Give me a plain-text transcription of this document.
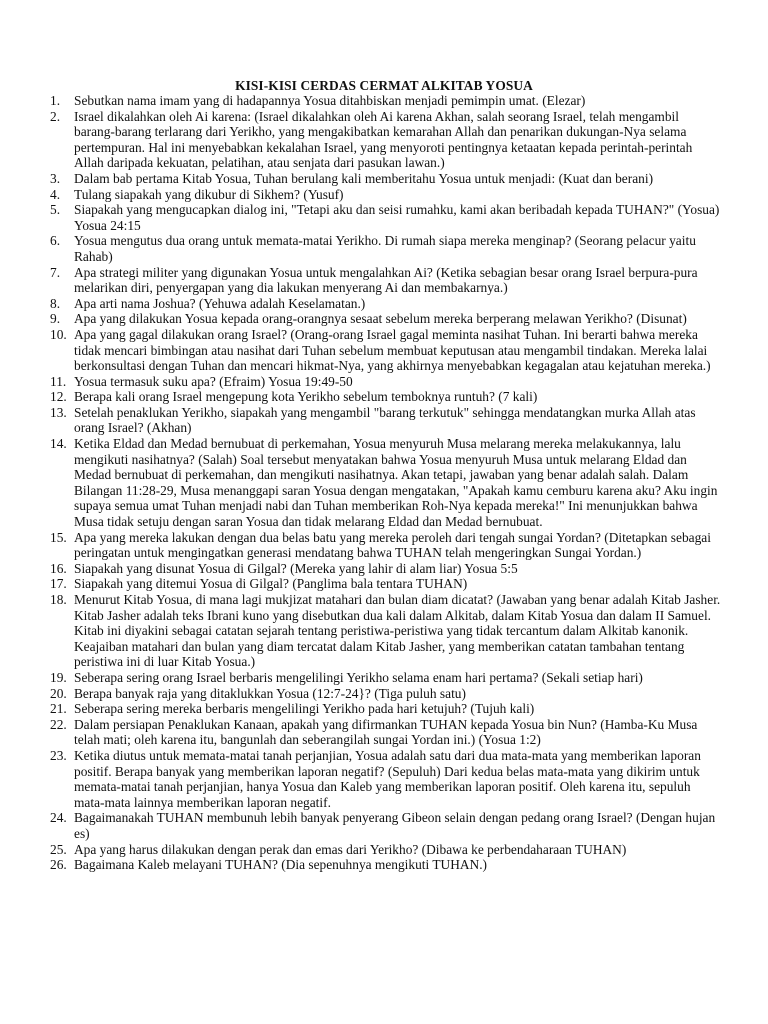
KISI-KISI CERDAS CERMAT ALKITAB YOSUA
1.	Sebutkan nama imam yang di hadapannya Yosua ditahbiskan menjadi pemimpin umat. (Elezar)
2.	Israel dikalahkan oleh Ai karena: (Israel dikalahkan oleh Ai karena Akhan, salah seorang Israel, telah mengambil barang-barang terlarang dari Yerikho, yang mengakibatkan kemarahan Allah dan penarikan dukungan-Nya selama pertempuran. Hal ini menyebabkan kekalahan Israel, yang menyoroti pentingnya ketaatan kepada perintah-perintah Allah daripada kekuatan, pelatihan, atau senjata dari pasukan lawan.)
3.	Dalam bab pertama Kitab Yosua, Tuhan berulang kali memberitahu Yosua untuk menjadi: (Kuat dan berani)
4.	Tulang siapakah yang dikubur di Sikhem? (Yusuf)
5.	Siapakah yang mengucapkan dialog ini, "Tetapi aku dan seisi rumahku, kami akan beribadah kepada TUHAN?" (Yosua) Yosua 24:15
6.	Yosua mengutus dua orang untuk memata-matai Yerikho. Di rumah siapa mereka menginap? (Seorang pelacur yaitu Rahab)
7.	Apa strategi militer yang digunakan Yosua untuk mengalahkan Ai? (Ketika sebagian besar orang Israel berpura-pura melarikan diri, penyergapan yang dia lakukan menyerang Ai dan membakarnya.)
8.	Apa arti nama Joshua? (Yehuwa adalah Keselamatan.)
9.	Apa yang dilakukan Yosua kepada orang-orangnya sesaat sebelum mereka berperang melawan Yerikho? (Disunat)
10. Apa yang gagal dilakukan orang Israel? (Orang-orang Israel gagal meminta nasihat Tuhan. Ini berarti bahwa mereka tidak mencari bimbingan atau nasihat dari Tuhan sebelum membuat keputusan atau mengambil tindakan. Mereka lalai berkonsultasi dengan Tuhan dan mencari hikmat-Nya, yang akhirnya menyebabkan kegagalan atau kejatuhan mereka.)
11. Yosua termasuk suku apa? (Efraim) Yosua 19:49-50
12. Berapa kali orang Israel mengepung kota Yerikho sebelum temboknya runtuh? (7 kali)
13. Setelah penaklukan Yerikho, siapakah yang mengambil "barang terkutuk" sehingga mendatangkan murka Allah atas orang Israel? (Akhan)
14. Ketika Eldad dan Medad bernubuat di perkemahan, Yosua menyuruh Musa melarang mereka melakukannya, lalu mengikuti nasihatnya? (Salah) Soal tersebut menyatakan bahwa Yosua menyuruh Musa untuk melarang Eldad dan Medad bernubuat di perkemahan, dan mengikuti nasihatnya. Akan tetapi, jawaban yang benar adalah salah. Dalam Bilangan 11:28-29, Musa menanggapi saran Yosua dengan mengatakan, "Apakah kamu cemburu karena aku? Aku ingin supaya semua umat Tuhan menjadi nabi dan Tuhan memberikan Roh-Nya kepada mereka!" Ini menunjukkan bahwa Musa tidak setuju dengan saran Yosua dan tidak melarang Eldad dan Medad bernubuat.
15. Apa yang mereka lakukan dengan dua belas batu yang mereka peroleh dari tengah sungai Yordan? (Ditetapkan sebagai peringatan untuk mengingatkan generasi mendatang bahwa TUHAN telah mengeringkan Sungai Yordan.)
16. Siapakah yang disunat Yosua di Gilgal? (Mereka yang lahir di alam liar) Yosua 5:5
17. Siapakah yang ditemui Yosua di Gilgal? (Panglima bala tentara TUHAN)
18. Menurut Kitab Yosua, di mana lagi mukjizat matahari dan bulan diam dicatat? (Jawaban yang benar adalah Kitab Jasher. Kitab Jasher adalah teks Ibrani kuno yang disebutkan dua kali dalam Alkitab, dalam Kitab Yosua dan dalam II Samuel. Kitab ini diyakini sebagai catatan sejarah tentang peristiwa-peristiwa yang tidak tercantum dalam Alkitab kanonik. Keajaiban matahari dan bulan yang diam tercatat dalam Kitab Jasher, yang memberikan catatan tambahan tentang peristiwa ini di luar Kitab Yosua.)
19. Seberapa sering orang Israel berbaris mengelilingi Yerikho selama enam hari pertama? (Sekali setiap hari)
20. Berapa banyak raja yang ditaklukkan Yosua (12:7-24}? (Tiga puluh satu)
21. Seberapa sering mereka berbaris mengelilingi Yerikho pada hari ketujuh? (Tujuh kali)
22. Dalam persiapan Penaklukan Kanaan, apakah yang difirmankan TUHAN kepada Yosua bin Nun? (Hamba-Ku Musa telah mati; oleh karena itu, bangunlah dan seberangilah sungai Yordan ini.) (Yosua 1:2)
23. Ketika diutus untuk memata-matai tanah perjanjian, Yosua adalah satu dari dua mata-mata yang memberikan laporan positif. Berapa banyak yang memberikan laporan negatif? (Sepuluh) Dari kedua belas mata-mata yang dikirim untuk memata-matai tanah perjanjian, hanya Yosua dan Kaleb yang memberikan laporan positif. Oleh karena itu, sepuluh mata-mata lainnya memberikan laporan negatif.
24. Bagaimanakah TUHAN membunuh lebih banyak penyerang Gibeon selain dengan pedang orang Israel? (Dengan hujan es)
25. Apa yang harus dilakukan dengan perak dan emas dari Yerikho? (Dibawa ke perbendaharaan TUHAN)
26. Bagaimana Kaleb melayani TUHAN? (Dia sepenuhnya mengikuti TUHAN.)
